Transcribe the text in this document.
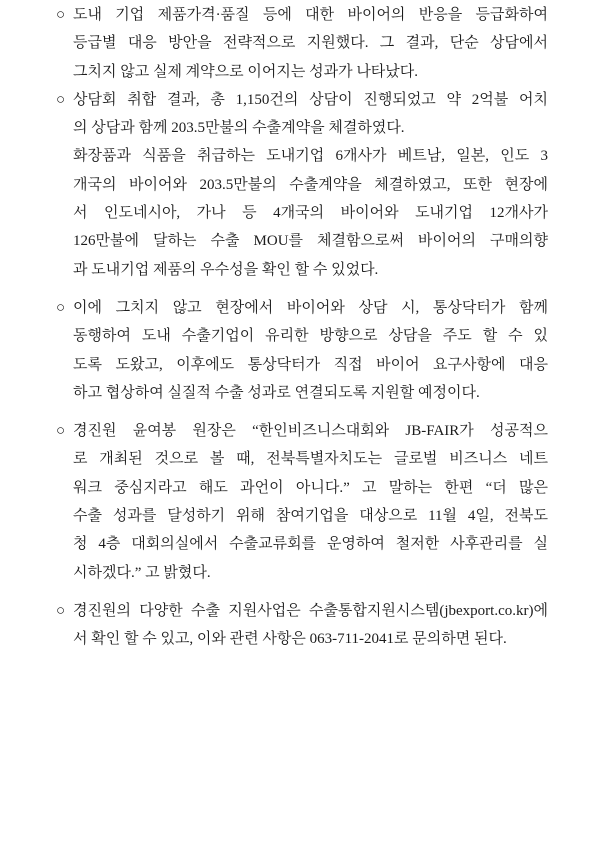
○ 도내 기업 제품가격·품질 등에 대한 바이어의 반응을 등급화하여
등급별 대응 방안을 전략적으로 지원했다. 그 결과, 단순 상담에서
그치지 않고 실제 계약으로 이어지는 성과가 나타났다.
○ 상담회 취합 결과, 총 1,150건의 상담이 진행되었고 약 2억불 어치
의 상담과 함께 203.5만불의 수출계약을 체결하였다.
화장품과 식품을 취급하는 도내기업 6개사가 베트남, 일본, 인도 3
개국의 바이어와 203.5만불의 수출계약을 체결하였고, 또한 현장에
서 인도네시아, 가나 등 4개국의 바이어와 도내기업 12개사가
126만불에 달하는 수출 MOU를 체결함으로써 바이어의 구매의향
과 도내기업 제품의 우수성을 확인 할 수 있었다.
○ 이에 그치지 않고 현장에서 바이어와 상담 시, 통상닥터가 함께
동행하여 도내 수출기업이 유리한 방향으로 상담을 주도 할 수 있
도록 도왔고, 이후에도 통상닥터가 직접 바이어 요구사항에 대응
하고 협상하여 실질적 수출 성과로 연결되도록 지원할 예정이다.
○ 경진원 윤여봉 원장은 “한인비즈니스대회와 JB-FAIR가 성공적으
로 개최된 것으로 볼 때, 전북특별자치도는 글로벌 비즈니스 네트
워크 중심지라고 해도 과언이 아니다.” 고 말하는 한편 “더 많은
수출 성과를 달성하기 위해 참여기업을 대상으로 11월 4일, 전북도
청 4층 대회의실에서 수출교류회를 운영하여 철저한 사후관리를 실
시하겠다.” 고 밝혔다.
○ 경진원의 다양한 수출 지원사업은 수출통합지원시스템(jbexport.co.kr)에
서 확인 할 수 있고, 이와 관련 사항은 063-711-2041로 문의하면 된다.
